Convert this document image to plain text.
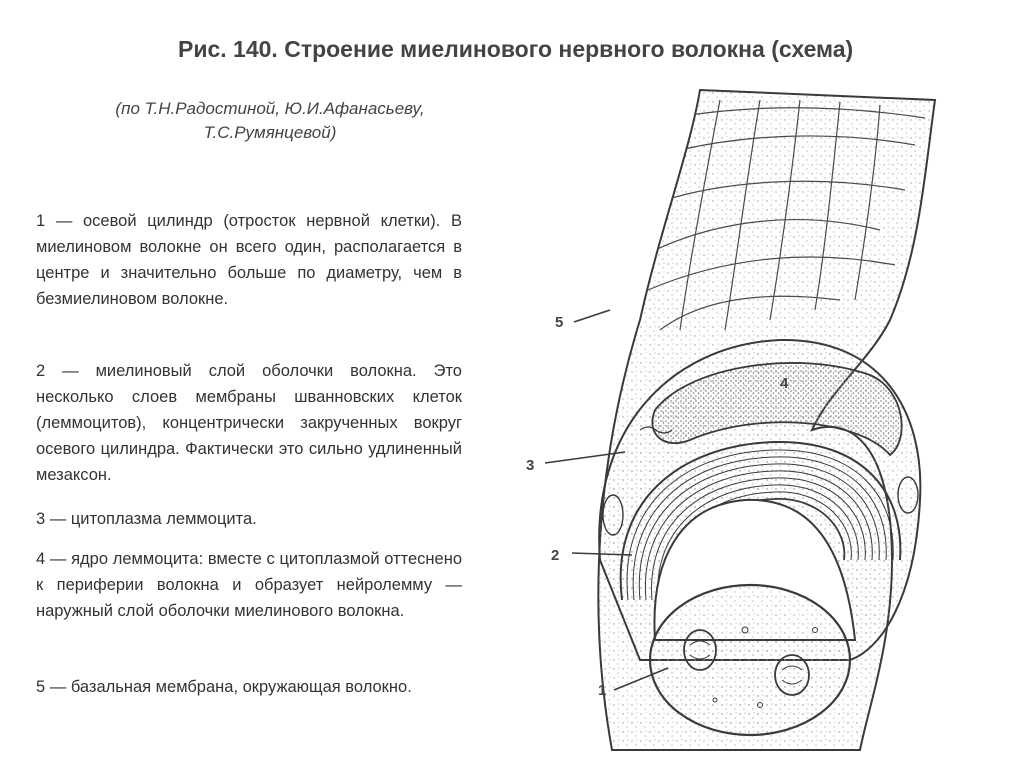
Рис. 140. Строение миелинового нервного волокна (схема)
(по Т.Н.Радостиной, Ю.И.Афанасьеву,
Т.С.Румянцевой)

1 — осевой цилиндр (отросток нервной клетки). В миелиновом волокне он всего один, располагается в центре и значительно больше по диаметру, чем в безмиелиновом волокне.

2 — миелиновый слой оболочки волокна. Это несколько слоев мембраны шванновских клеток (леммоцитов), концентрически закрученных вокруг осевого цилиндра. Фактически это сильно удлиненный мезаксон.

3 — цитоплазма леммоцита.

4 — ядро леммоцита: вместе с цитоплазмой оттеснено к периферии волокна и образует нейролемму — наружный слой оболочки миелинового волокна.

5 — базальная мембрана, окружающая волокно.	1
2
3
4
5
